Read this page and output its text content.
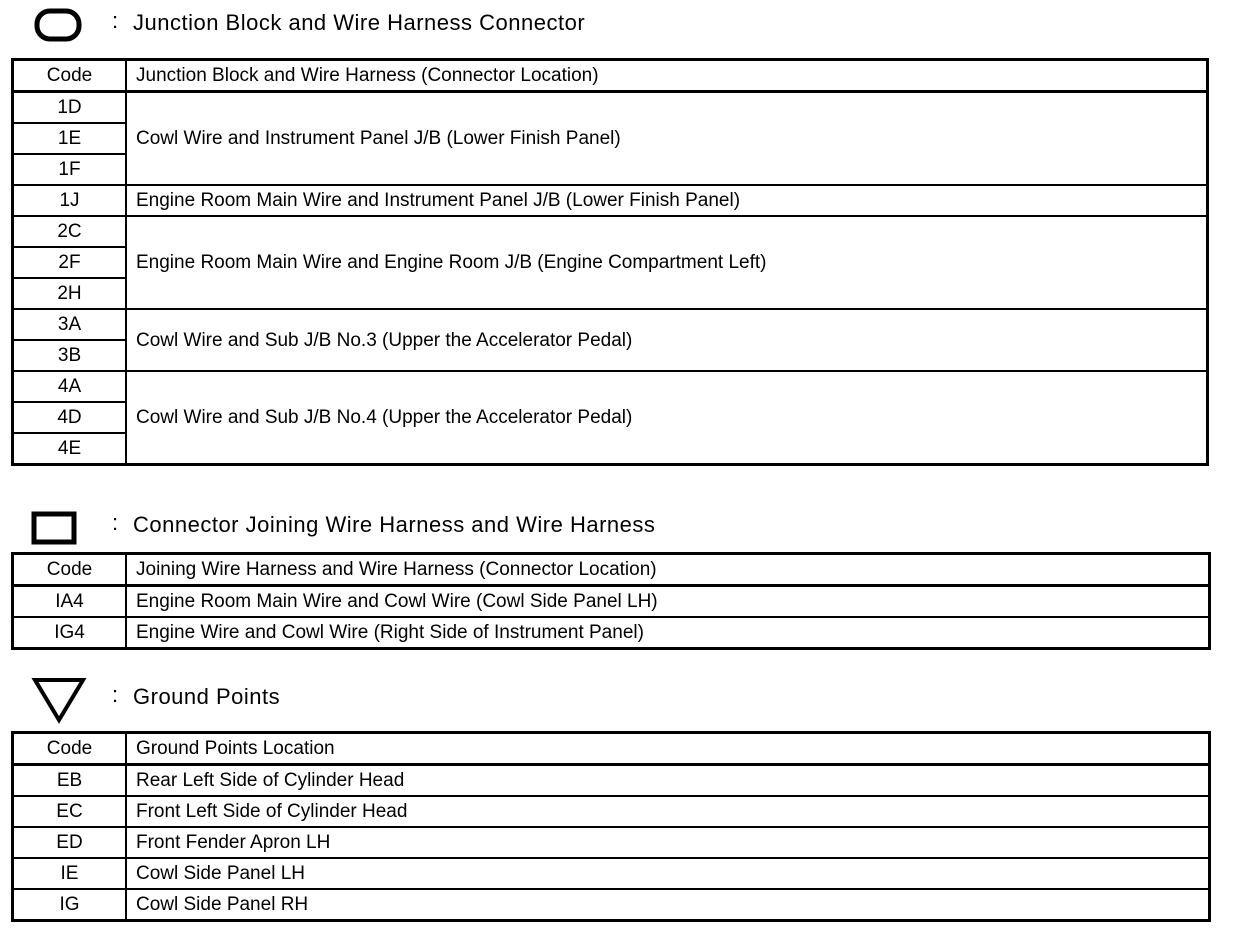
: Junction Block and Wire Harness Connector
Code	Junction Block and Wire Harness (Connector Location)
1D	Cowl Wire and Instrument Panel J/B (Lower Finish Panel)
1E	
1F	
1J	Engine Room Main Wire and Instrument Panel J/B (Lower Finish Panel)
2C	Engine Room Main Wire and Engine Room J/B (Engine Compartment Left)
2F	
2H	
3A	Cowl Wire and Sub J/B No.3 (Upper the Accelerator Pedal)
3B	
4A	Cowl Wire and Sub J/B No.4 (Upper the Accelerator Pedal)
4D	
4E	
: Connector Joining Wire Harness and Wire Harness
Code	Joining Wire Harness and Wire Harness (Connector Location)
IA4	Engine Room Main Wire and Cowl Wire (Cowl Side Panel LH)
IG4	Engine Wire and Cowl Wire (Right Side of Instrument Panel)
: Ground Points
Code	Ground Points Location
EB	Rear Left Side of Cylinder Head
EC	Front Left Side of Cylinder Head
ED	Front Fender Apron LH
IE	Cowl Side Panel LH
IG	Cowl Side Panel RH
